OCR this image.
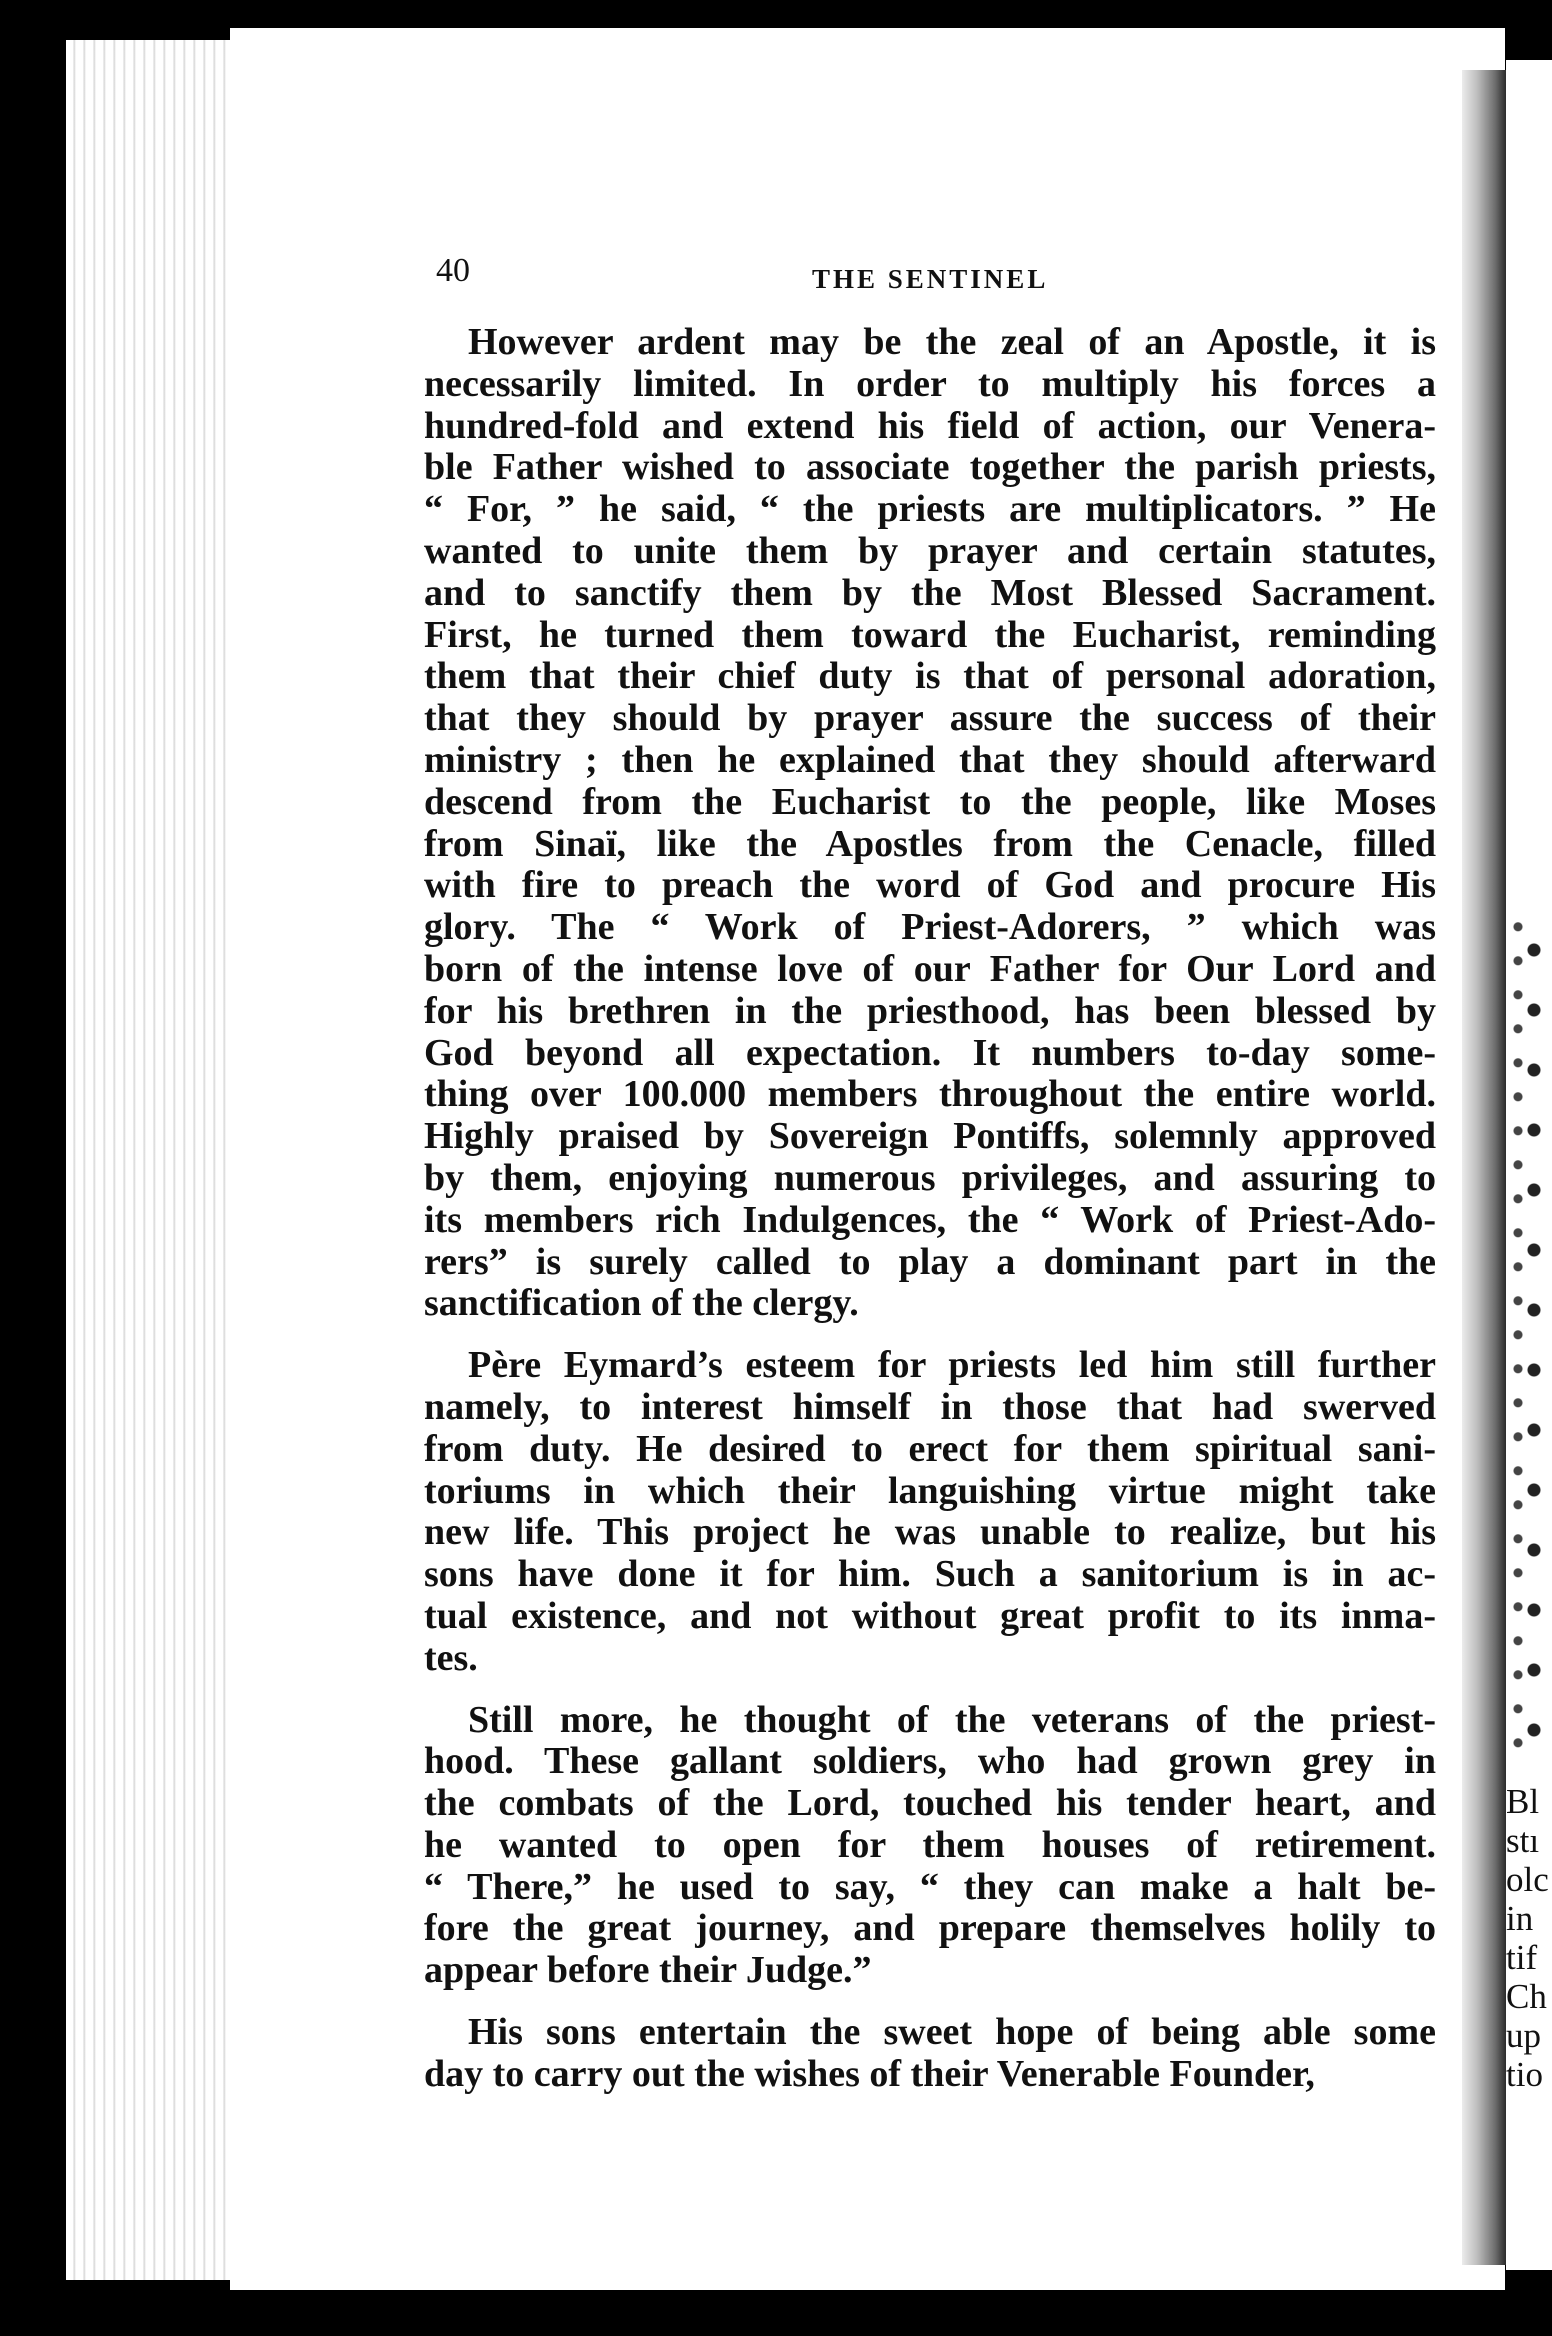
Bl
stı
olc
in
tif
Ch
up
tio
40	THE SENTINEL
However ardent may be the zeal of an Apostle, it is
necessarily limited. In order to multiply his forces a
hundred-fold and extend his field of action, our Venera-
ble Father wished to associate together the parish priests,
“ For, ” he said, “ the priests are multiplicators. ” He
wanted to unite them by prayer and certain statutes,
and to sanctify them by the Most Blessed Sacrament.
First, he turned them toward the Eucharist, reminding
them that their chief duty is that of personal adoration,
that they should by prayer assure the success of their
ministry ; then he explained that they should afterward
descend from the Eucharist to the people, like Moses
from Sinaï, like the Apostles from the Cenacle, filled
with fire to preach the word of God and procure His
glory. The “ Work of Priest-Adorers, ” which was
born of the intense love of our Father for Our Lord and
for his brethren in the priesthood, has been blessed by
God beyond all expectation. It numbers to-day some-
thing over 100.000 members throughout the entire world.
Highly praised by Sovereign Pontiffs, solemnly approved
by them, enjoying numerous privileges, and assuring to
its members rich Indulgences, the “ Work of Priest-Ado-
rers” is surely called to play a dominant part in the
sanctification of the clergy.
Père Eymard’s esteem for priests led him still further
namely, to interest himself in those that had swerved
from duty. He desired to erect for them spiritual sani-
toriums in which their languishing virtue might take
new life. This project he was unable to realize, but his
sons have done it for him. Such a sanitorium is in ac-
tual existence, and not without great profit to its inma-
tes.
Still more, he thought of the veterans of the priest-
hood. These gallant soldiers, who had grown grey in
the combats of the Lord, touched his tender heart, and
he wanted to open for them houses of retirement.
“ There,” he used to say, “ they can make a halt be-
fore the great journey, and prepare themselves holily to
appear before their Judge.”
His sons entertain the sweet hope of being able some
day to carry out the wishes of their Venerable Founder,
